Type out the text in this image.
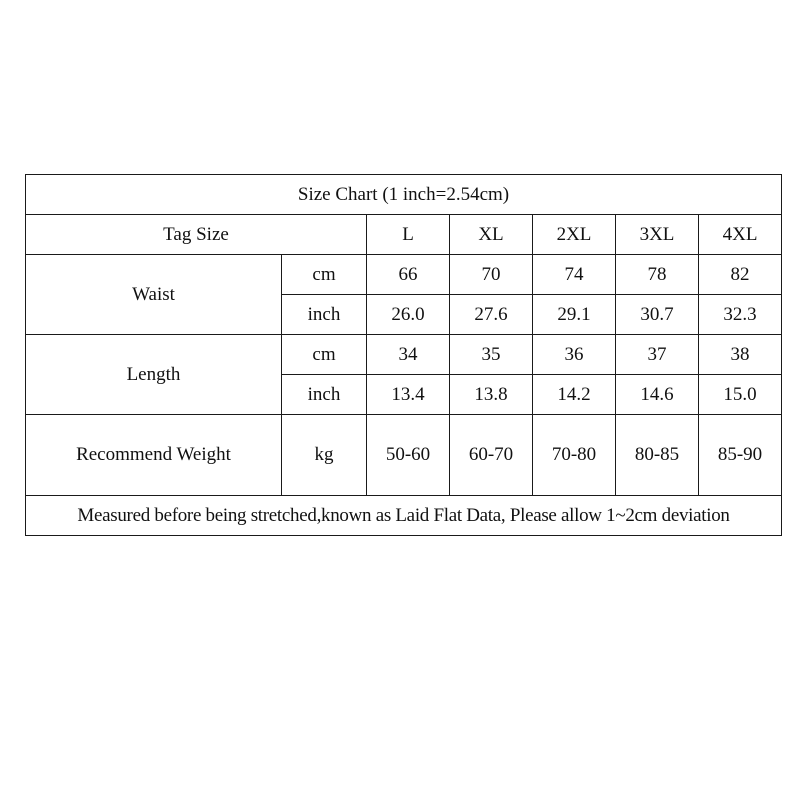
Size Chart (1 inch=2.54cm)						
Tag Size		L	XL	2XL	3XL	4XL
Waist	cm	66	70	74	78	82
	inch	26.0	27.6	29.1	30.7	32.3
Length	cm	34	35	36	37	38
	inch	13.4	13.8	14.2	14.6	15.0
Recommend Weight	kg	50-60	60-70	70-80	80-85	85-90
Measured before being stretched,known as Laid Flat Data, Please allow 1~2cm deviation						
